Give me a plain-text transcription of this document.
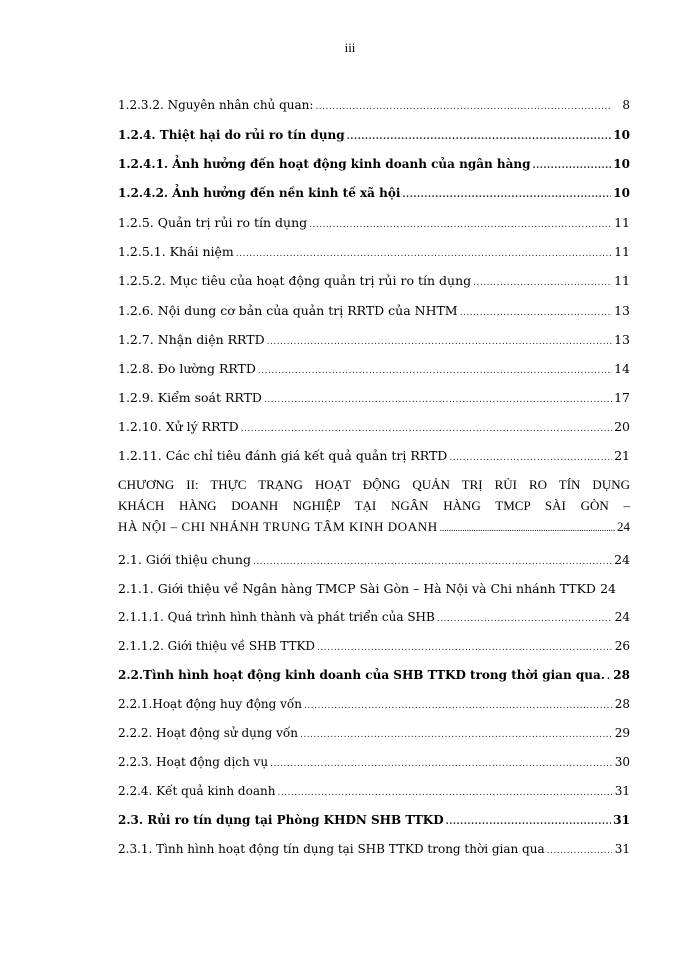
iii
1.2.3.2. Nguyên nhân chủ quan: .....	8
1.2.4. Thiệt hại do rủi ro tín dụng .....	10
1.2.4.1. Ảnh hưởng đến hoạt động kinh doanh của ngân hàng .....	10
1.2.4.2. Ảnh hưởng đến nền kinh tế xã hội .....	10
1.2.5. Quản trị rủi ro tín dụng .....	11
1.2.5.1. Khái niệm .....	11
1.2.5.2. Mục tiêu của hoạt động quản trị rủi ro tín dụng .....	11
1.2.6. Nội dung cơ bản của quản trị RRTD của NHTM .....	13
1.2.7. Nhận diện RRTD .....	13
1.2.8. Đo lường RRTD .....	14
1.2.9. Kiểm soát RRTD .....	17
1.2.10. Xử lý RRTD .....	20
1.2.11. Các chỉ tiêu đánh giá kết quả quản trị RRTD .....	21
CHƯƠNG II: THỰC TRẠNG HOẠT ĐỘNG QUẢN TRỊ RỦI RO TÍN DỤNG
KHÁCH HÀNG DOANH NGHIỆP TẠI NGÂN HÀNG TMCP SÀI GÒN –
HÀ NỘI – CHI NHÁNH TRUNG TÂM KINH DOANH .....	24
2.1. Giới thiệu chung .....	24
2.1.1. Giới thiệu về Ngân hàng TMCP Sài Gòn – Hà Nội và Chi nhánh TTKD 24
2.1.1.1. Quá trình hình thành và phát triển của SHB .....	24
2.1.1.2. Giới thiệu về SHB TTKD .....	26
2.2.Tình hình hoạt động kinh doanh của SHB TTKD trong thời gian qua. ..... 28
2.2.1.Hoạt động huy động vốn .....	28
2.2.2. Hoạt động sử dụng vốn .....	29
2.2.3. Hoạt động dịch vụ .....	30
2.2.4. Kết quả kinh doanh .....	31
2.3. Rủi ro tín dụng tại Phòng KHDN SHB TTKD .....	31
2.3.1. Tình hình hoạt động tín dụng tại SHB TTKD trong thời gian qua .....	31
